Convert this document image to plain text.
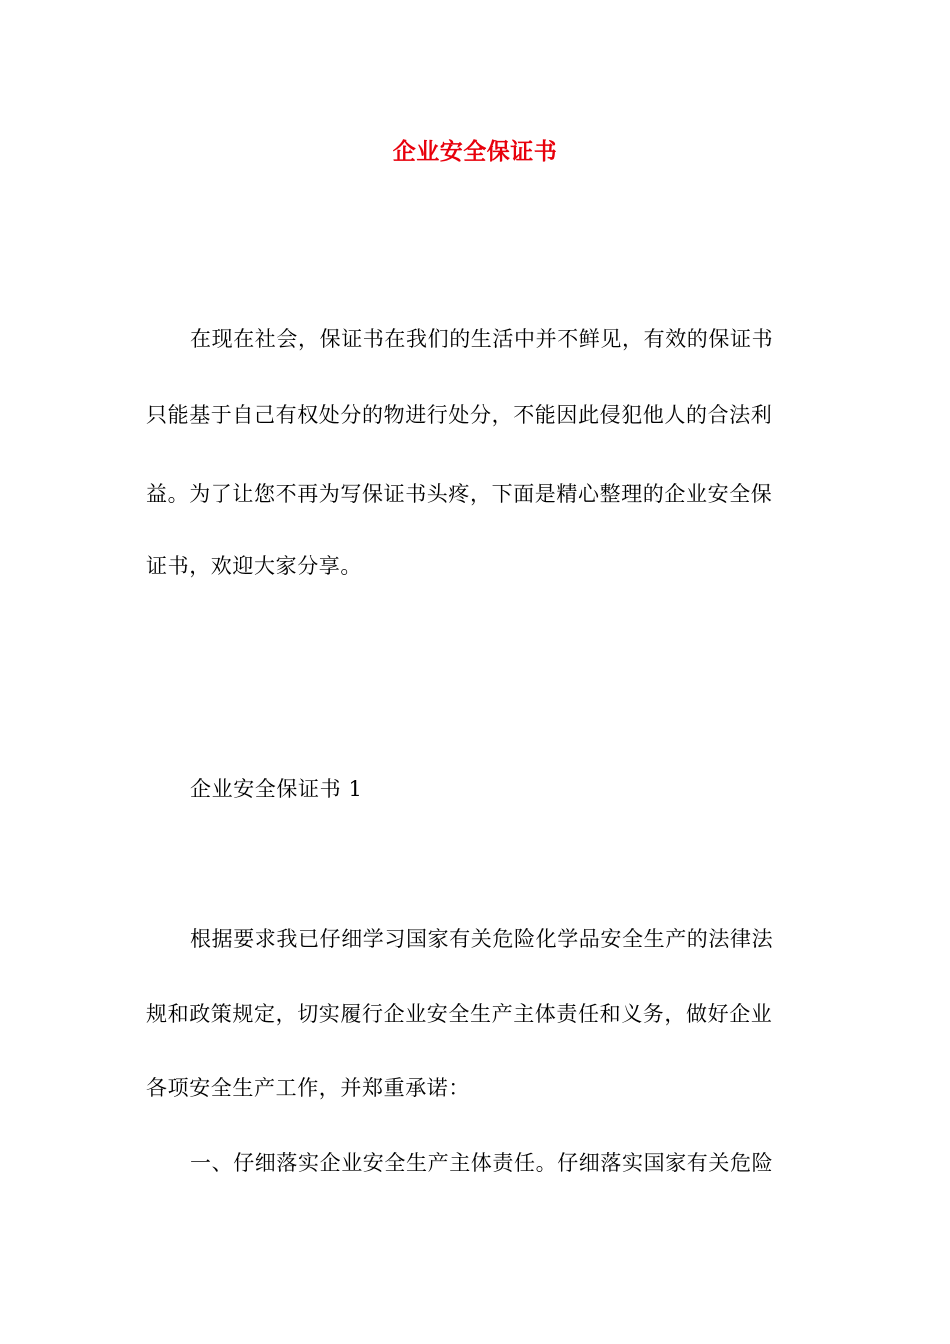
企业安全保证书
在现在社会，保证书在我们的生活中并不鲜见，有效的保证书
只能基于自己有权处分的物进行处分，不能因此侵犯他人的合法利
益。为了让您不再为写保证书头疼，下面是精心整理的企业安全保
证书，欢迎大家分享。
企业安全保证书 1
根据要求我已仔细学习国家有关危险化学品安全生产的法律法
规和政策规定，切实履行企业安全生产主体责任和义务，做好企业
各项安全生产工作，并郑重承诺：
一、仔细落实企业安全生产主体责任。仔细落实国家有关危险
